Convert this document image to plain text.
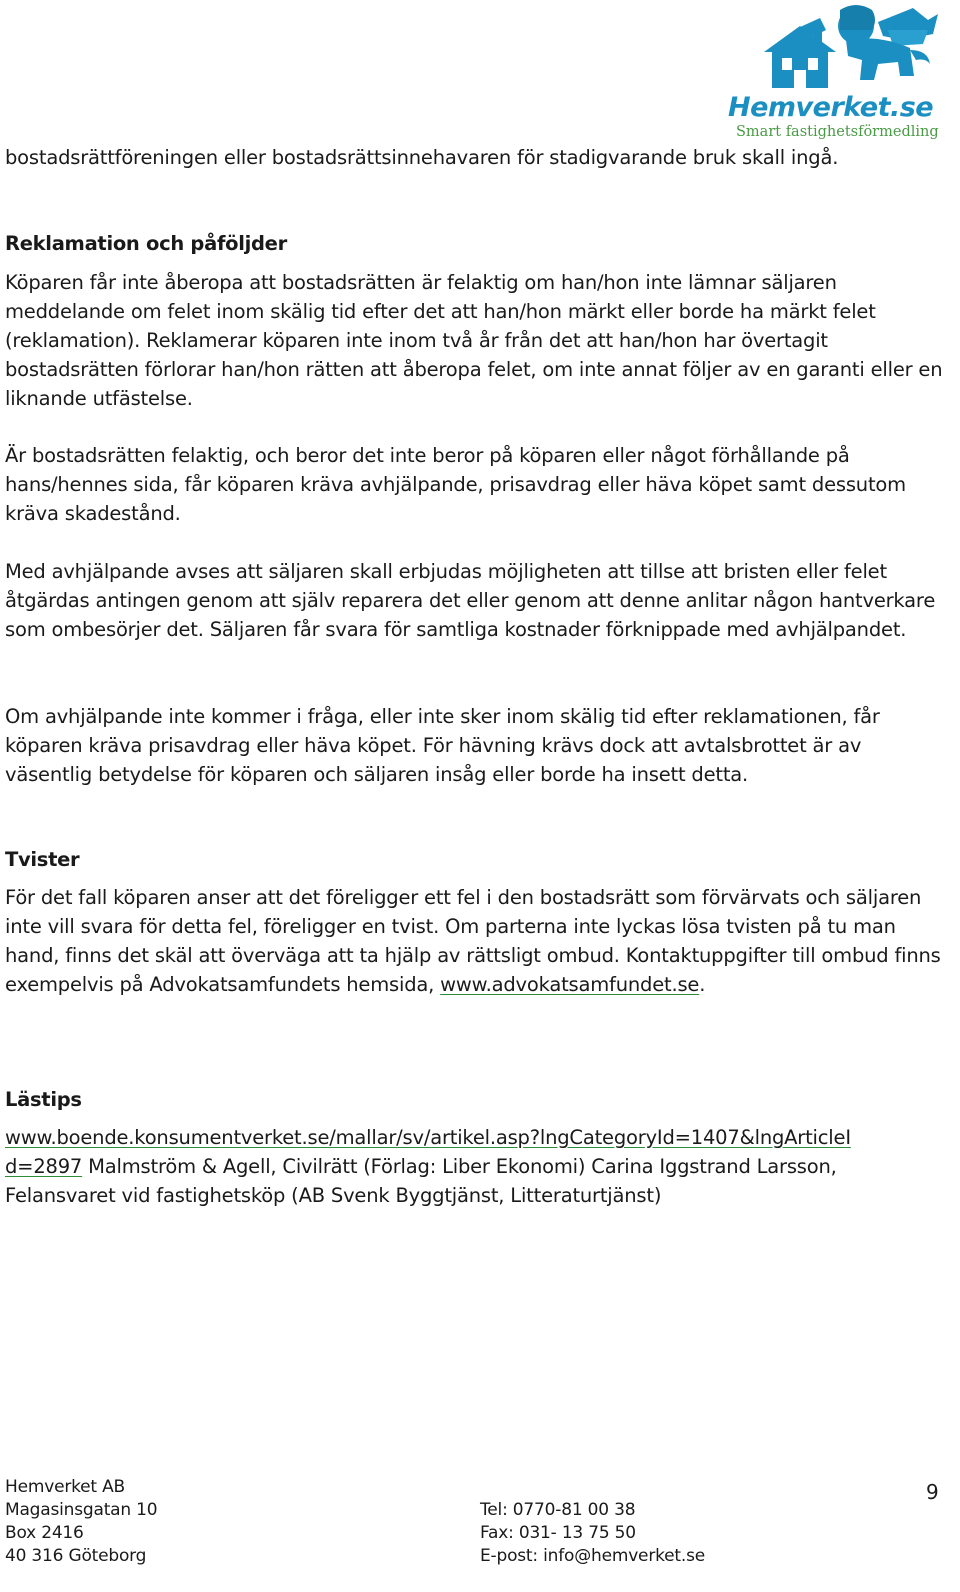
Hemverket.se
Smart fastighetsförmedling

bostadsrättföreningen eller bostadsrättsinnehavaren för stadigvarande bruk skall ingå.

Reklamation och påföljder

Köparen får inte åberopa att bostadsrätten är felaktig om han/hon inte lämnar säljaren meddelande om felet inom skälig tid efter det att han/hon märkt eller borde ha märkt felet (reklamation). Reklamerar köparen inte inom två år från det att han/hon har övertagit bostadsrätten förlorar han/hon rätten att åberopa felet, om inte annat följer av en garanti eller en liknande utfästelse.

Är bostadsrätten felaktig, och beror det inte beror på köparen eller något förhållande på hans/hennes sida, får köparen kräva avhjälpande, prisavdrag eller häva köpet samt dessutom kräva skadestånd.

Med avhjälpande avses att säljaren skall erbjudas möjligheten att tillse att bristen eller felet åtgärdas antingen genom att själv reparera det eller genom att denne anlitar någon hantverkare som ombesörjer det. Säljaren får svara för samtliga kostnader förknippade med avhjälpandet.

Om avhjälpande inte kommer i fråga, eller inte sker inom skälig tid efter reklamationen, får köparen kräva prisavdrag eller häva köpet. För hävning krävs dock att avtalsbrottet är av väsentlig betydelse för köparen och säljaren insåg eller borde ha insett detta.

Tvister

För det fall köparen anser att det föreligger ett fel i den bostadsrätt som förvärvats och säljaren inte vill svara för detta fel, föreligger en tvist. Om parterna inte lyckas lösa tvisten på tu man hand, finns det skäl att överväga att ta hjälp av rättsligt ombud. Kontaktuppgifter till ombud finns exempelvis på Advokatsamfundets hemsida, www.advokatsamfundet.se.

Lästips

www.boende.konsumentverket.se/mallar/sv/artikel.asp?lngCategoryId=1407&lngArticleI
d=2897 Malmström & Agell, Civilrätt (Förlag: Liber Ekonomi) Carina Iggstrand Larsson, Felansvaret vid fastighetsköp (AB Svenk Byggtjänst, Litteraturtjänst)

Hemverket AB

Magasinsgatan 10

Box 2416

40 316 Göteborg

Tel: 0770-81 00 38

Fax: 031- 13 75 50

E-post: info@hemverket.se

9
